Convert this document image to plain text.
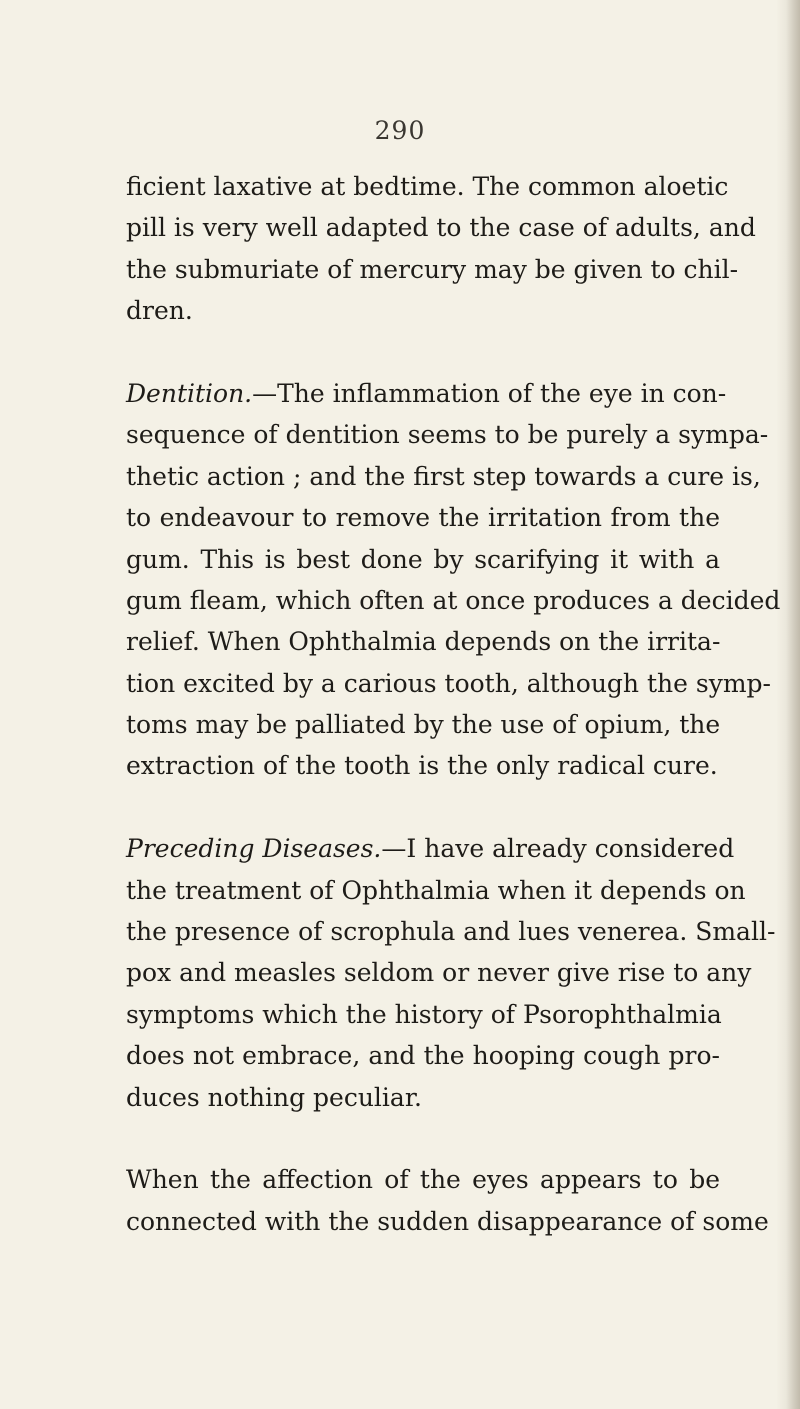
290
ficient laxative at bedtime. The common aloetic
pill is very well adapted to the case of adults, and
the submuriate of mercury may be given to chil-
dren.
Dentition.—The inflammation of the eye in con-
sequence of dentition seems to be purely a sympa-
thetic action ; and the first step towards a cure is,
to endeavour to remove the irritation from the
gum. This is best done by scarifying it with a
gum fleam, which often at once produces a decided
relief. When Ophthalmia depends on the irrita-
tion excited by a carious tooth, although the symp-
toms may be palliated by the use of opium, the
extraction of the tooth is the only radical cure.
Preceding Diseases.—I have already considered
the treatment of Ophthalmia when it depends on
the presence of scrophula and lues venerea. Small-
pox and measles seldom or never give rise to any
symptoms which the history of Psorophthalmia
does not embrace, and the hooping cough pro-
duces nothing peculiar.
When the affection of the eyes appears to be
connected with the sudden disappearance of some
